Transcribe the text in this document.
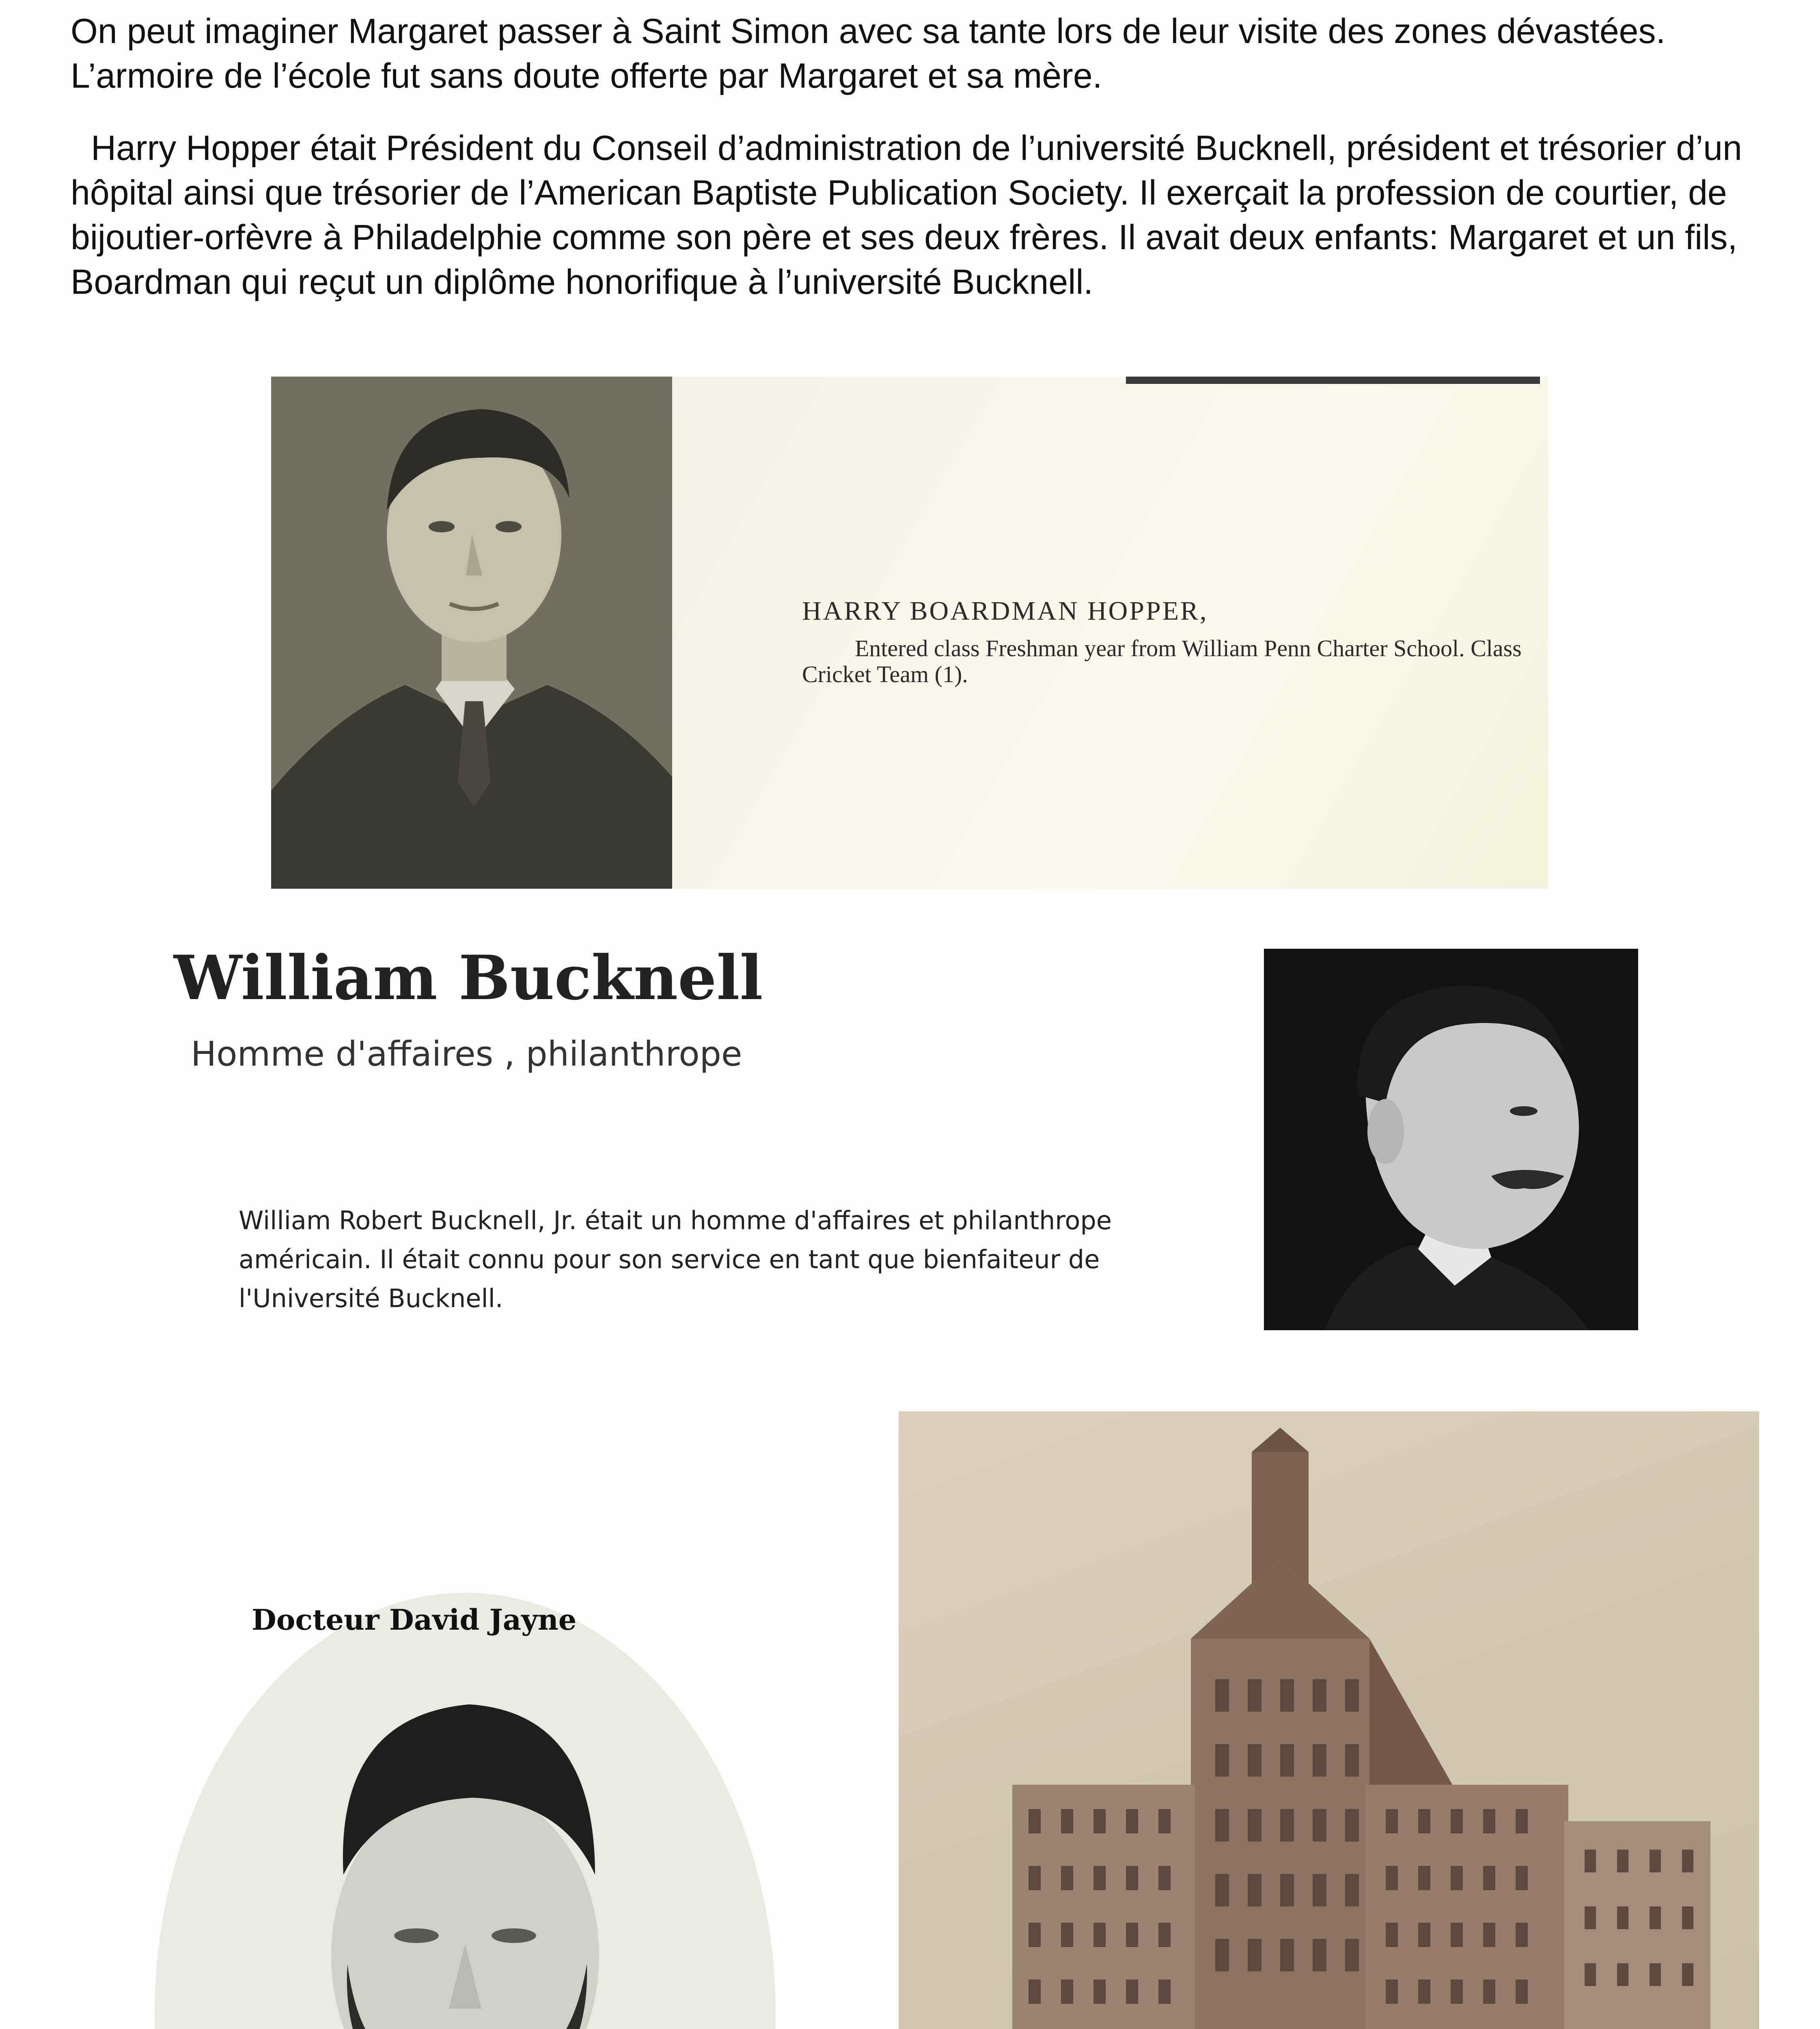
On peut imaginer Margaret passer à Saint Simon avec sa tante lors de leur visite des zones dévastées. L’armoire de l’école fut sans doute offerte par Margaret et sa mère.

Harry Hopper était Président du Conseil d’administration de l’université Bucknell, président et trésorier d’un hôpital ainsi que trésorier de l’American Baptiste Publication Society. Il exerçait la profession de courtier, de bijoutier-orfèvre à Philadelphie comme son père et ses deux frères. Il avait deux enfants: Margaret et un fils, Boardman qui reçut un diplôme honorifique à l’université Bucknell.

HARRY BOARDMAN HOPPER,
Entered class Freshman year from William Penn Charter School. Class Cricket Team (1).
William Bucknell
Homme d'affaires , philanthrope

William Robert Bucknell, Jr. était un homme d'affaires et philanthrope américain. Il était connu pour son service en tant que bienfaiteur de l'Université Bucknell.

Docteur David Jayne
